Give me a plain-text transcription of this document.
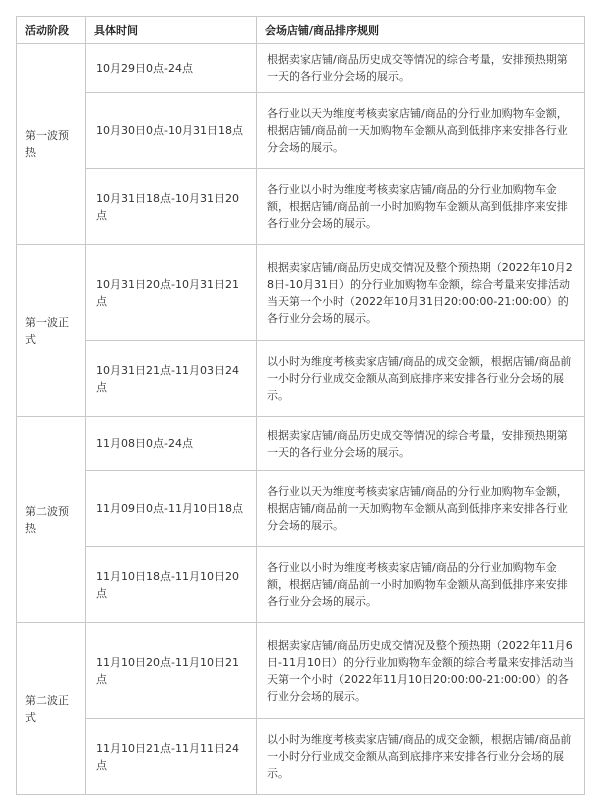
活动阶段	具体时间	会场店铺/商品排序规则
第一波预热	10月29日0点-24点	根据卖家店铺/商品历史成交等情况的综合考量，安排预热期第一天的各行业分会场的展示。
	10月30日0点-10月31日18点	各行业以天为维度考核卖家店铺/商品的分行业加购物车金额，根据店铺/商品前一天加购物车金额从高到低排序来安排各行业分会场的展示。
	10月31日18点-10月31日20点	各行业以小时为维度考核卖家店铺/商品的分行业加购物车金额，根据店铺/商品前一小时加购物车金额从高到低排序来安排各行业分会场的展示。
第一波正式	10月31日20点-10月31日21点	根据卖家店铺/商品历史成交情况及整个预热期（2022年10月28日-10月31日）的分行业加购物车金额，综合考量来安排活动当天第一个小时（2022年10月31日20:00:00-21:00:00）的各行业分会场的展示。
	10月31日21点-11月03日24点	以小时为维度考核卖家店铺/商品的成交金额，根据店铺/商品前一小时分行业成交金额从高到底排序来安排各行业分会场的展示。
第二波预热	11月08日0点-24点	根据卖家店铺/商品历史成交等情况的综合考量，安排预热期第一天的各行业分会场的展示。
	11月09日0点-11月10日18点	各行业以天为维度考核卖家店铺/商品的分行业加购物车金额，根据店铺/商品前一天加购物车金额从高到低排序来安排各行业分会场的展示。
	11月10日18点-11月10日20点	各行业以小时为维度考核卖家店铺/商品的分行业加购物车金额，根据店铺/商品前一小时加购物车金额从高到低排序来安排各行业分会场的展示。
第二波正式	11月10日20点-11月10日21点	根据卖家店铺/商品历史成交情况及整个预热期（2022年11月6日-11月10日）的分行业加购物车金额的综合考量来安排活动当天第一个小时（2022年11月10日20:00:00-21:00:00）的各行业分会场的展示。
	11月10日21点-11月11日24点	以小时为维度考核卖家店铺/商品的成交金额，根据店铺/商品前一小时分行业成交金额从高到底排序来安排各行业分会场的展示。
